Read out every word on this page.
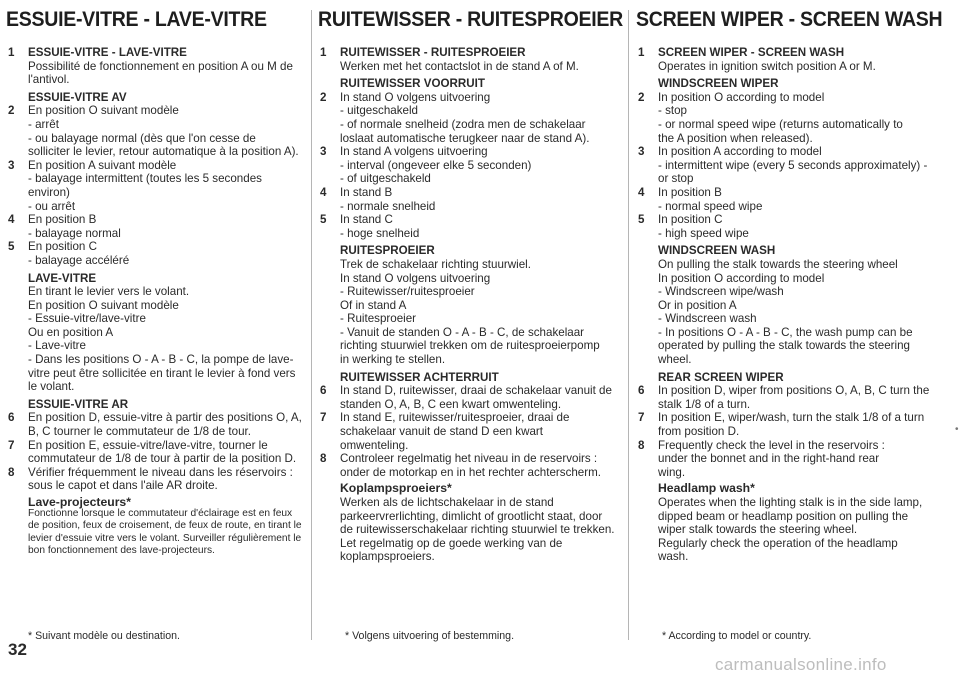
ESSUIE-VITRE - LAVE-VITRE
1	ESSUIE-VITRE - LAVE-VITRE
Possibilité de fonctionnement en position A ou M de
l'antivol.
ESSUIE-VITRE AV
2	En position O suivant modèle
- arrêt
- ou balayage normal (dès que l'on cesse de
solliciter le levier, retour automatique à la position A).
3	En position A suivant modèle
- balayage intermittent (toutes les 5 secondes
environ)
- ou arrêt
4	En position B
- balayage normal
5	En position C
- balayage accéléré
LAVE-VITRE
En tirant le levier vers le volant.
En position O suivant modèle
- Essuie-vitre/lave-vitre
Ou en position A
- Lave-vitre
- Dans les positions O - A - B - C, la pompe de lave-
vitre peut être sollicitée en tirant le levier à fond vers
le volant.
ESSUIE-VITRE AR
6	En position D, essuie-vitre à partir des positions O, A,
B, C tourner le commutateur de 1/8 de tour.
7	En position E, essuie-vitre/lave-vitre, tourner le
commutateur de 1/8 de tour à partir de la position D.
8	Vérifier fréquemment le niveau dans les réservoirs :
sous le capot et dans l'aile AR droite.
Lave-projecteurs*
Fonctionne lorsque le commutateur d'éclairage est en feux
de position, feux de croisement, de feux de route, en tirant le
levier d'essuie vitre vers le volant. Surveiller régulièrement le
bon fonctionnement des lave-projecteurs.
* Suivant modèle ou destination.
RUITEWISSER - RUITESPROEIER
1	RUITEWISSER - RUITESPROEIER
Werken met het contactslot in de stand A of M.
RUITEWISSER VOORRUIT
2	In stand O volgens uitvoering
- uitgeschakeld
- of normale snelheid (zodra men de schakelaar
loslaat automatische terugkeer naar de stand A).
3	In stand A volgens uitvoering
- interval (ongeveer elke 5 seconden)
- of uitgeschakeld
4	In stand B
- normale snelheid
5	In stand C
- hoge snelheid
RUITESPROEIER
Trek de schakelaar richting stuurwiel.
In stand O volgens uitvoering
- Ruitewisser/ruitesproeier
Of in stand A
- Ruitesproeier
- Vanuit de standen O - A - B - C, de schakelaar
richting stuurwiel trekken om de ruitesproeierpomp
in werking te stellen.
RUITEWISSER ACHTERRUIT
6	In stand D, ruitewisser, draai de schakelaar vanuit de
standen O, A, B, C een kwart omwenteling.
7	In stand E, ruitewisser/ruitesproeier, draai de
schakelaar vanuit de stand D een kwart
omwenteling.
8	Controleer regelmatig het niveau in de reservoirs :
onder de motorkap en in het rechter achterscherm.
Koplampsproeiers*
Werken als de lichtschakelaar in de stand
parkeervrerlichting, dimlicht of grootlicht staat, door
de ruitewisserschakelaar richting stuurwiel te trekken.
Let regelmatig op de goede werking van de
koplampsproeiers.
* Volgens uitvoering of bestemming.
SCREEN WIPER - SCREEN WASH
1	SCREEN WIPER - SCREEN WASH
Operates in ignition switch position A or M.
WINDSCREEN WIPER
2	In position O according to model
- stop
- or normal speed wipe (returns automatically to
the A position when released).
3	In position A according to model
- intermittent wipe (every 5 seconds approximately) -
or stop
4	In position B
- normal speed wipe
5	In position C
- high speed wipe
WINDSCREEN WASH
On pulling the stalk towards the steering wheel
In position O according to model
- Windscreen wipe/wash
Or in position A
- Windscreen wash
- In positions O - A - B - C, the wash pump can be
operated by pulling the stalk towards the steering
wheel.
REAR SCREEN WIPER
6	In position D, wiper from positions O, A, B, C turn the
stalk 1/8 of a turn.
7	In position E, wiper/wash, turn the stalk 1/8 of a turn
from position D.
8	Frequently check the level in the reservoirs :
under the bonnet and in the right-hand rear
wing.
Headlamp wash*
Operates when the lighting stalk is in the side lamp,
dipped beam or headlamp position on pulling the
wiper stalk towards the steering wheel.
Regularly check the operation of the headlamp
wash.
* According to model or country.
32
carmanualsonline.info
•
